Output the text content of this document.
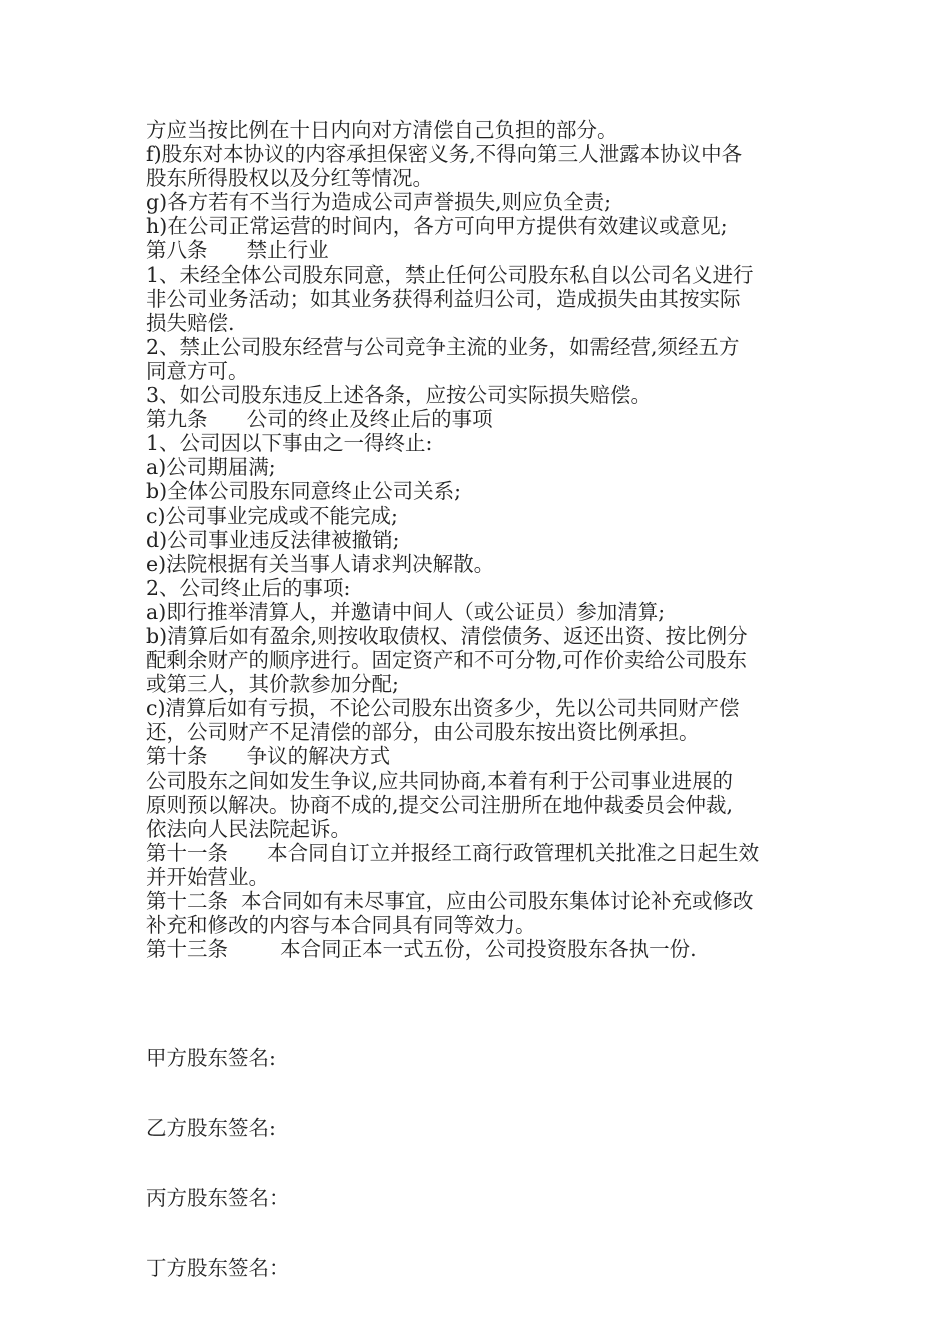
方应当按比例在十日内向对方清偿自己负担的部分。
f)股东对本协议的内容承担保密义务,不得向第三人泄露本协议中各
股东所得股权以及分红等情况。
g)各方若有不当行为造成公司声誉损失,则应负全责;
h)在公司正常运营的时间内，各方可向甲方提供有效建议或意见;
第八条      禁止行业
1、未经全体公司股东同意，禁止任何公司股东私自以公司名义进行
非公司业务活动；如其业务获得利益归公司，造成损失由其按实际
损失赔偿.
2、禁止公司股东经营与公司竞争主流的业务，如需经营,须经五方
同意方可。
3、如公司股东违反上述各条，应按公司实际损失赔偿。
第九条      公司的终止及终止后的事项
1、公司因以下事由之一得终止:
a)公司期届满;
b)全体公司股东同意终止公司关系;
c)公司事业完成或不能完成;
d)公司事业违反法律被撤销;
e)法院根据有关当事人请求判决解散。
2、公司终止后的事项:
a)即行推举清算人，并邀请中间人（或公证员）参加清算;
b)清算后如有盈余,则按收取债权、清偿债务、返还出资、按比例分
配剩余财产的顺序进行。固定资产和不可分物,可作价卖给公司股东
或第三人，其价款参加分配;
c)清算后如有亏损，不论公司股东出资多少，先以公司共同财产偿
还，公司财产不足清偿的部分，由公司股东按出资比例承担。
第十条      争议的解决方式
公司股东之间如发生争议,应共同协商,本着有利于公司事业进展的
原则预以解决。协商不成的,提交公司注册所在地仲裁委员会仲裁,
依法向人民法院起诉。
第十一条      本合同自订立并报经工商行政管理机关批准之日起生效
并开始营业。
第十二条  本合同如有未尽事宜，应由公司股东集体讨论补充或修改
补充和修改的内容与本合同具有同等效力。
第十三条        本合同正本一式五份，公司投资股东各执一份.
甲方股东签名:
乙方股东签名:
丙方股东签名：
丁方股东签名：
